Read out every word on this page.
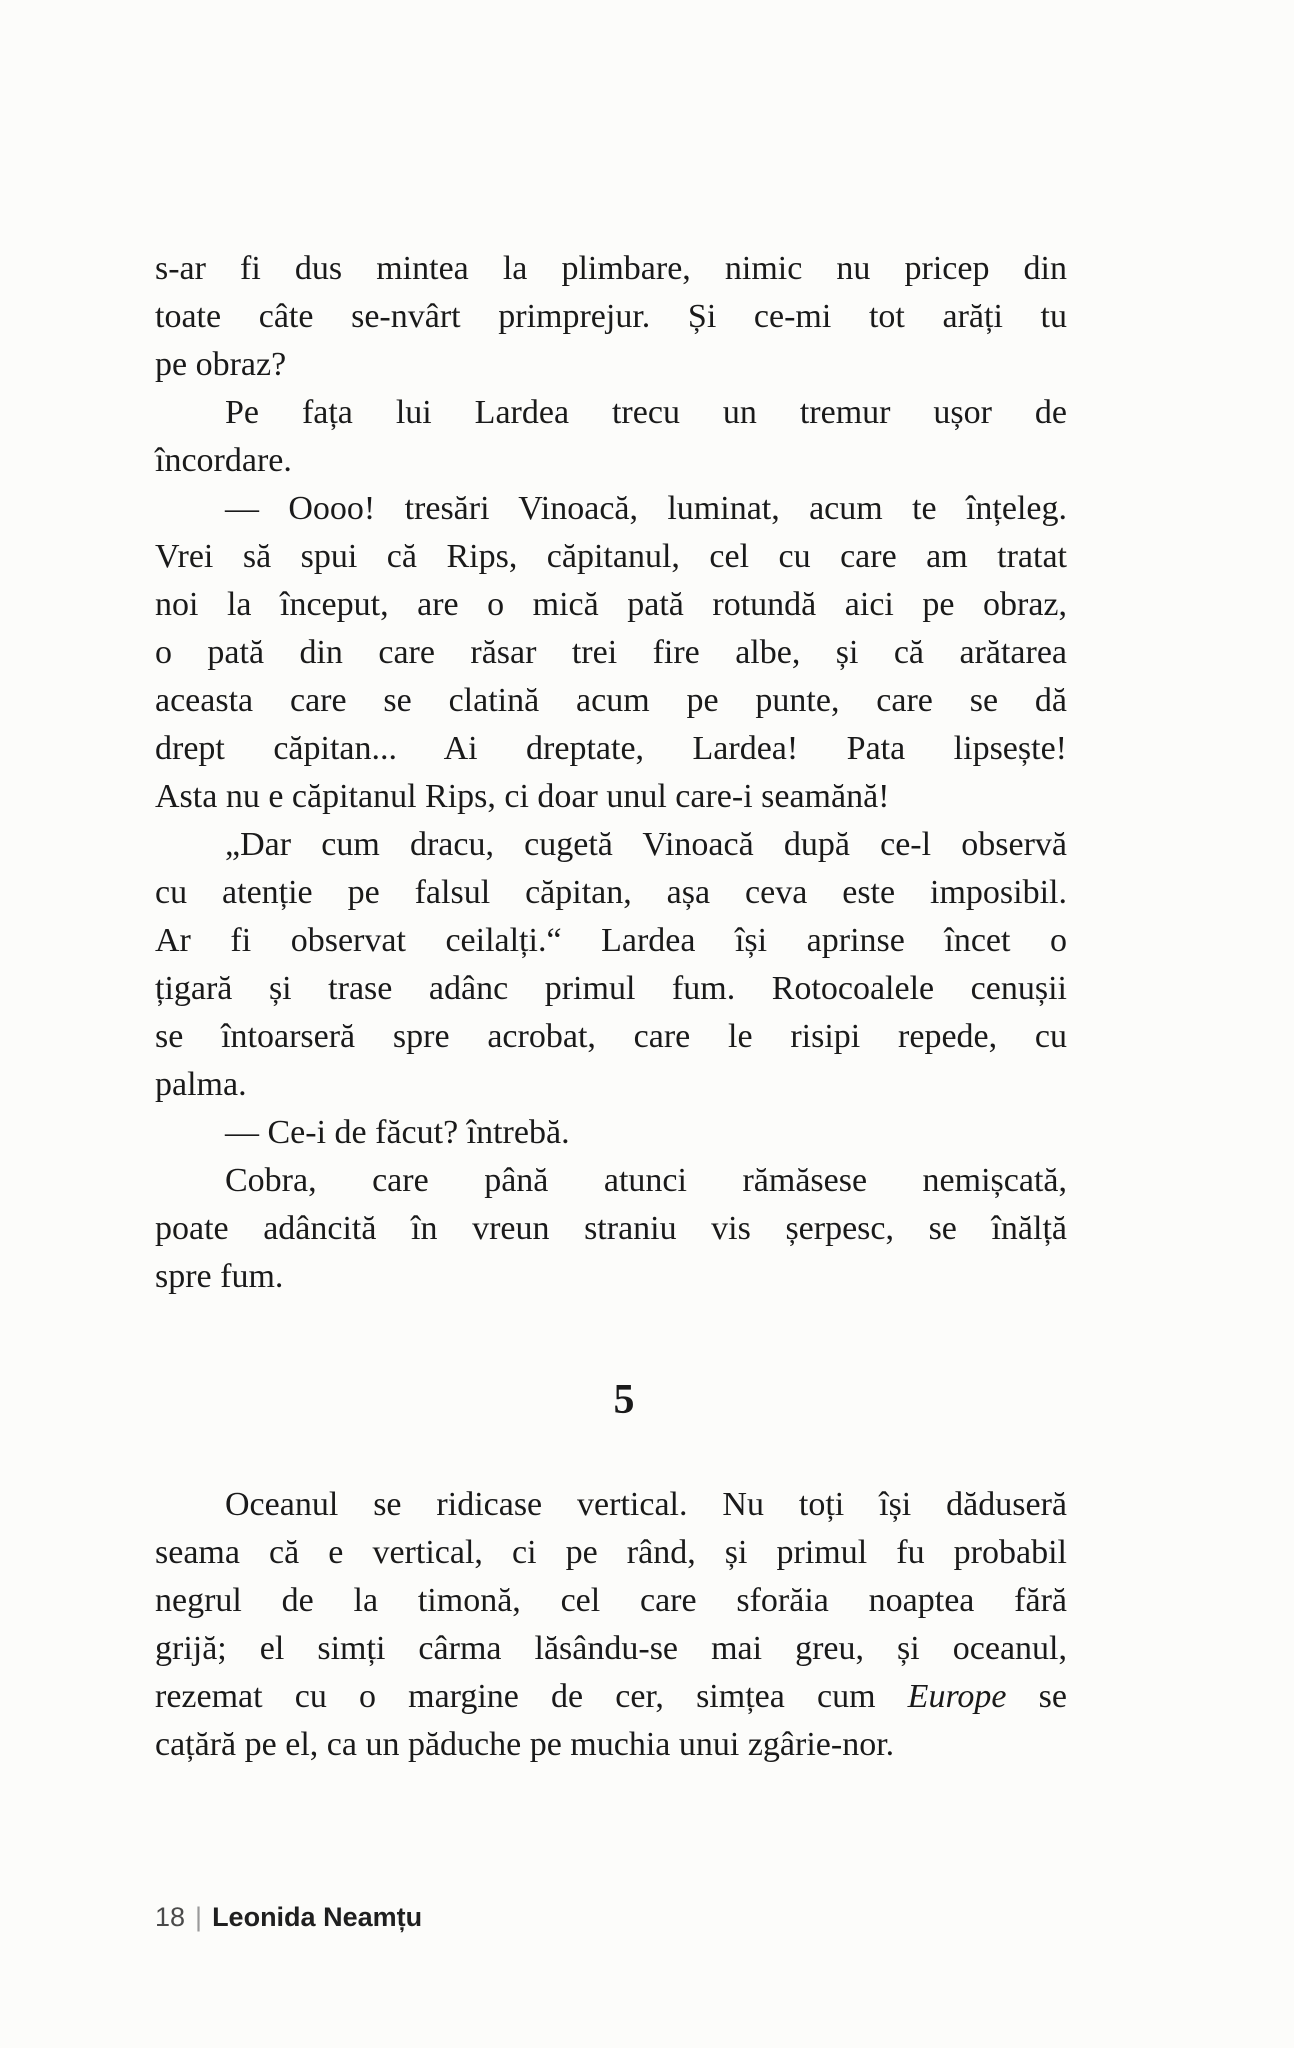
s-ar fi dus mintea la plimbare, nimic nu pricep din
toate câte se-nvârt primprejur. Și ce-mi tot arăți tu
pe obraz?
Pe fața lui Lardea trecu un tremur ușor de
încordare.
— Oooo! tresări Vinoacă, luminat, acum te înțeleg.
Vrei să spui că Rips, căpitanul, cel cu care am tratat
noi la început, are o mică pată rotundă aici pe obraz,
o pată din care răsar trei fire albe, și că arătarea
aceasta care se clatină acum pe punte, care se dă
drept căpitan... Ai dreptate, Lardea! Pata lipsește!
Asta nu e căpitanul Rips, ci doar unul care-i seamănă!
„Dar cum dracu, cugetă Vinoacă după ce-l observă
cu atenție pe falsul căpitan, așa ceva este imposibil.
Ar fi observat ceilalți.“ Lardea își aprinse încet o
țigară și trase adânc primul fum. Rotocoalele cenușii
se întoarseră spre acrobat, care le risipi repede, cu
palma.
— Ce-i de făcut? întrebă.
Cobra, care până atunci rămăsese nemișcată,
poate adâncită în vreun straniu vis șerpesc, se înălță
spre fum.
5
Oceanul se ridicase vertical. Nu toți își dăduseră
seama că e vertical, ci pe rând, și primul fu probabil
negrul de la timonă, cel care sforăia noaptea fără
grijă; el simți cârma lăsându-se mai greu, și oceanul,
rezemat cu o margine de cer, simțea cum Europe se
cațără pe el, ca un păduche pe muchia unui zgârie-nor.
18 | Leonida Neamțu
